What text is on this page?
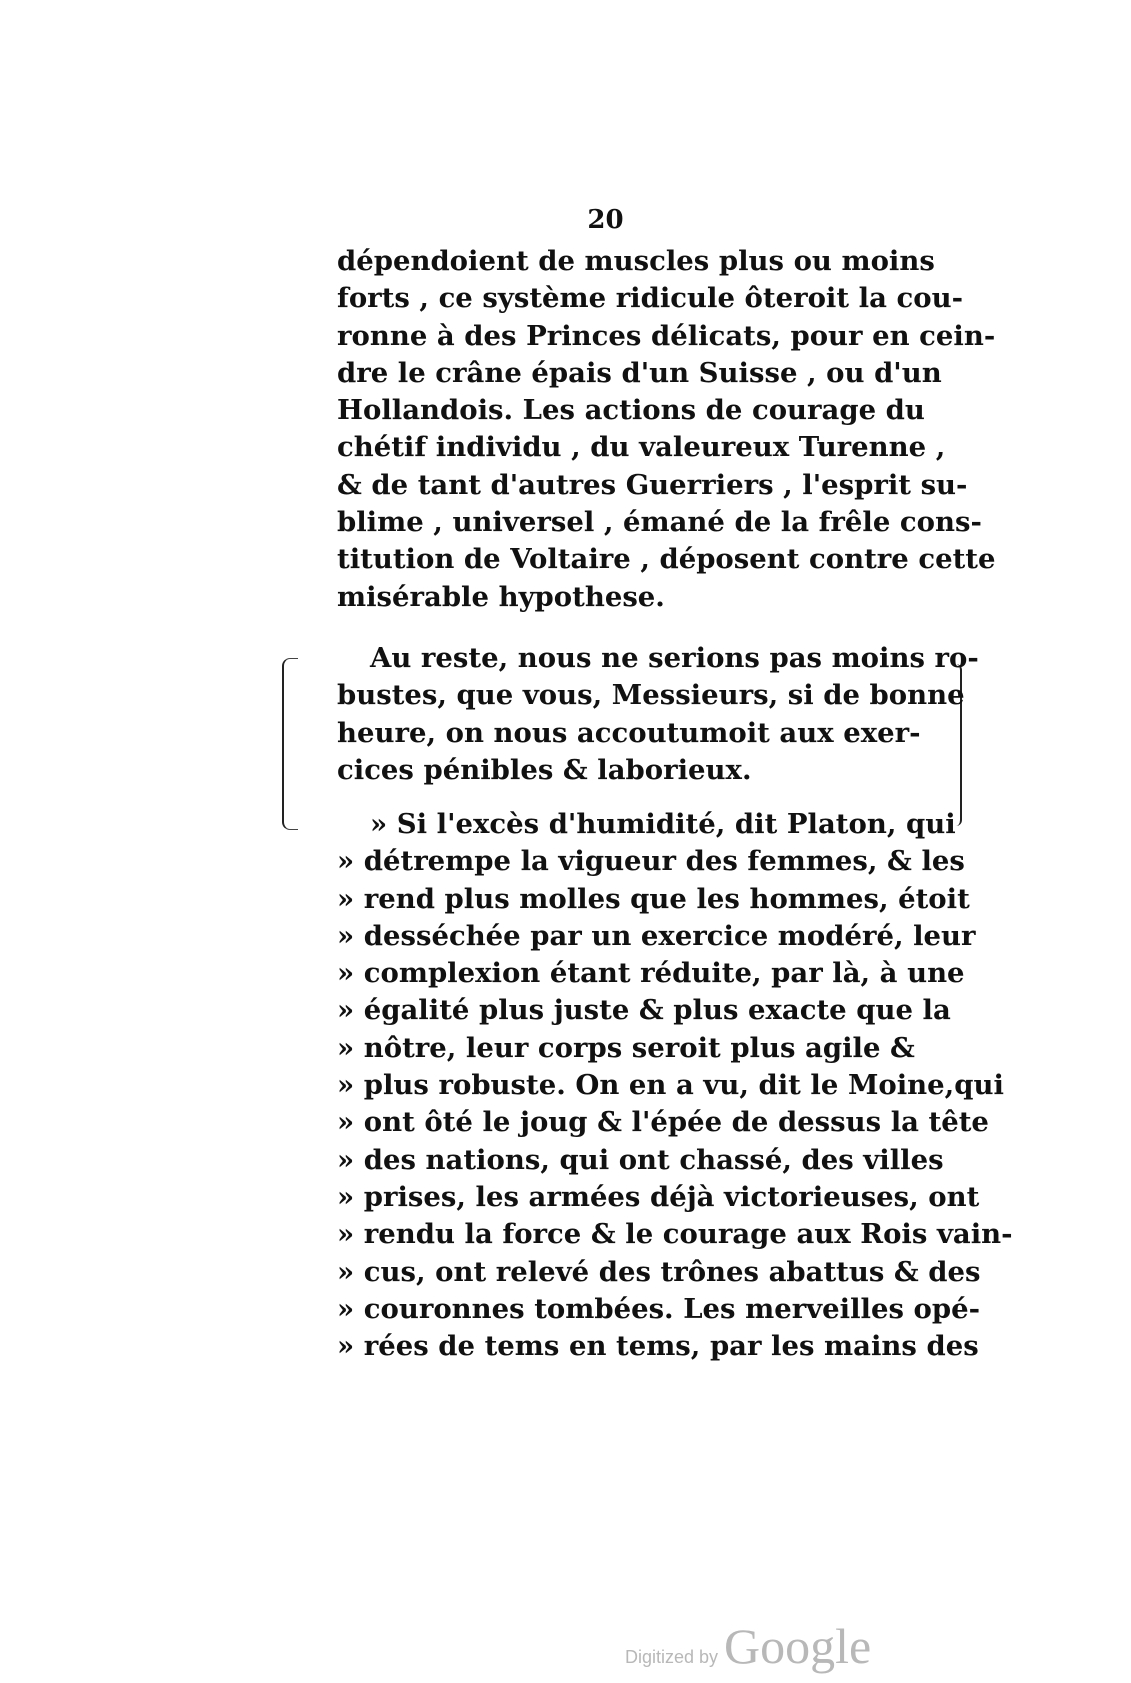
20
dépendoient de muscles plus ou moins
forts , ce système ridicule ôteroit la cou-
ronne à des Princes délicats, pour en cein-
dre le crâne épais d'un Suisse , ou d'un
Hollandois. Les actions de courage du
chétif individu , du valeureux Turenne ,
& de tant d'autres Guerriers , l'esprit su-
blime , universel , émané de la frêle cons-
titution de Voltaire , déposent contre cette
misérable hypothese.
Au reste, nous ne serions pas moins ro-
bustes, que vous, Messieurs, si de bonne
heure, on nous accoutumoit aux exer-
cices pénibles & laborieux.
» Si l'excès d'humidité, dit Platon, qui
» détrempe la vigueur des femmes, & les
» rend plus molles que les hommes, étoit
» desséchée par un exercice modéré, leur
» complexion étant réduite, par là, à une
» égalité plus juste & plus exacte que la
» nôtre, leur corps seroit plus agile &
» plus robuste. On en a vu, dit le Moine,qui
» ont ôté le joug & l'épée de dessus la tête
» des nations, qui ont chassé, des villes
» prises, les armées déjà victorieuses, ont
» rendu la force & le courage aux Rois vain-
» cus, ont relevé des trônes abattus & des
» couronnes tombées. Les merveilles opé-
» rées de tems en tems, par les mains des
Digitized by Google
